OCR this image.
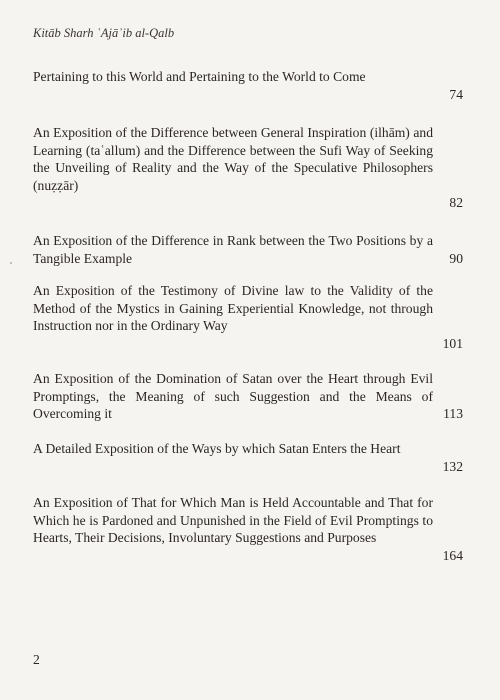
Kitāb Sharh ʿAjāʾib al-Qalb
Pertaining to this World and Pertaining to the World to Come
74
An Exposition of the Difference between General Inspiration (ilhām) and Learning (taʿallum) and the Difference between the Sufi Way of Seeking the Unveiling of Reality and the Way of the Speculative Philosophers (nuẓẓār)
82
An Exposition of the Difference in Rank between the Two Positions by a Tangible Example	90
An Exposition of the Testimony of Divine law to the Validity of the Method of the Mystics in Gaining Experiential Knowledge, not through Instruction nor in the Ordinary Way
101
An Exposition of the Domination of Satan over the Heart through Evil Promptings, the Meaning of such Suggestion and the Means of Overcoming it	113
A Detailed Exposition of the Ways by which Satan Enters the Heart
132
An Exposition of That for Which Man is Held Accountable and That for Which he is Pardoned and Unpunished in the Field of Evil Promptings to Hearts, Their Decisions, Involuntary Suggestions and Purposes
164
2
